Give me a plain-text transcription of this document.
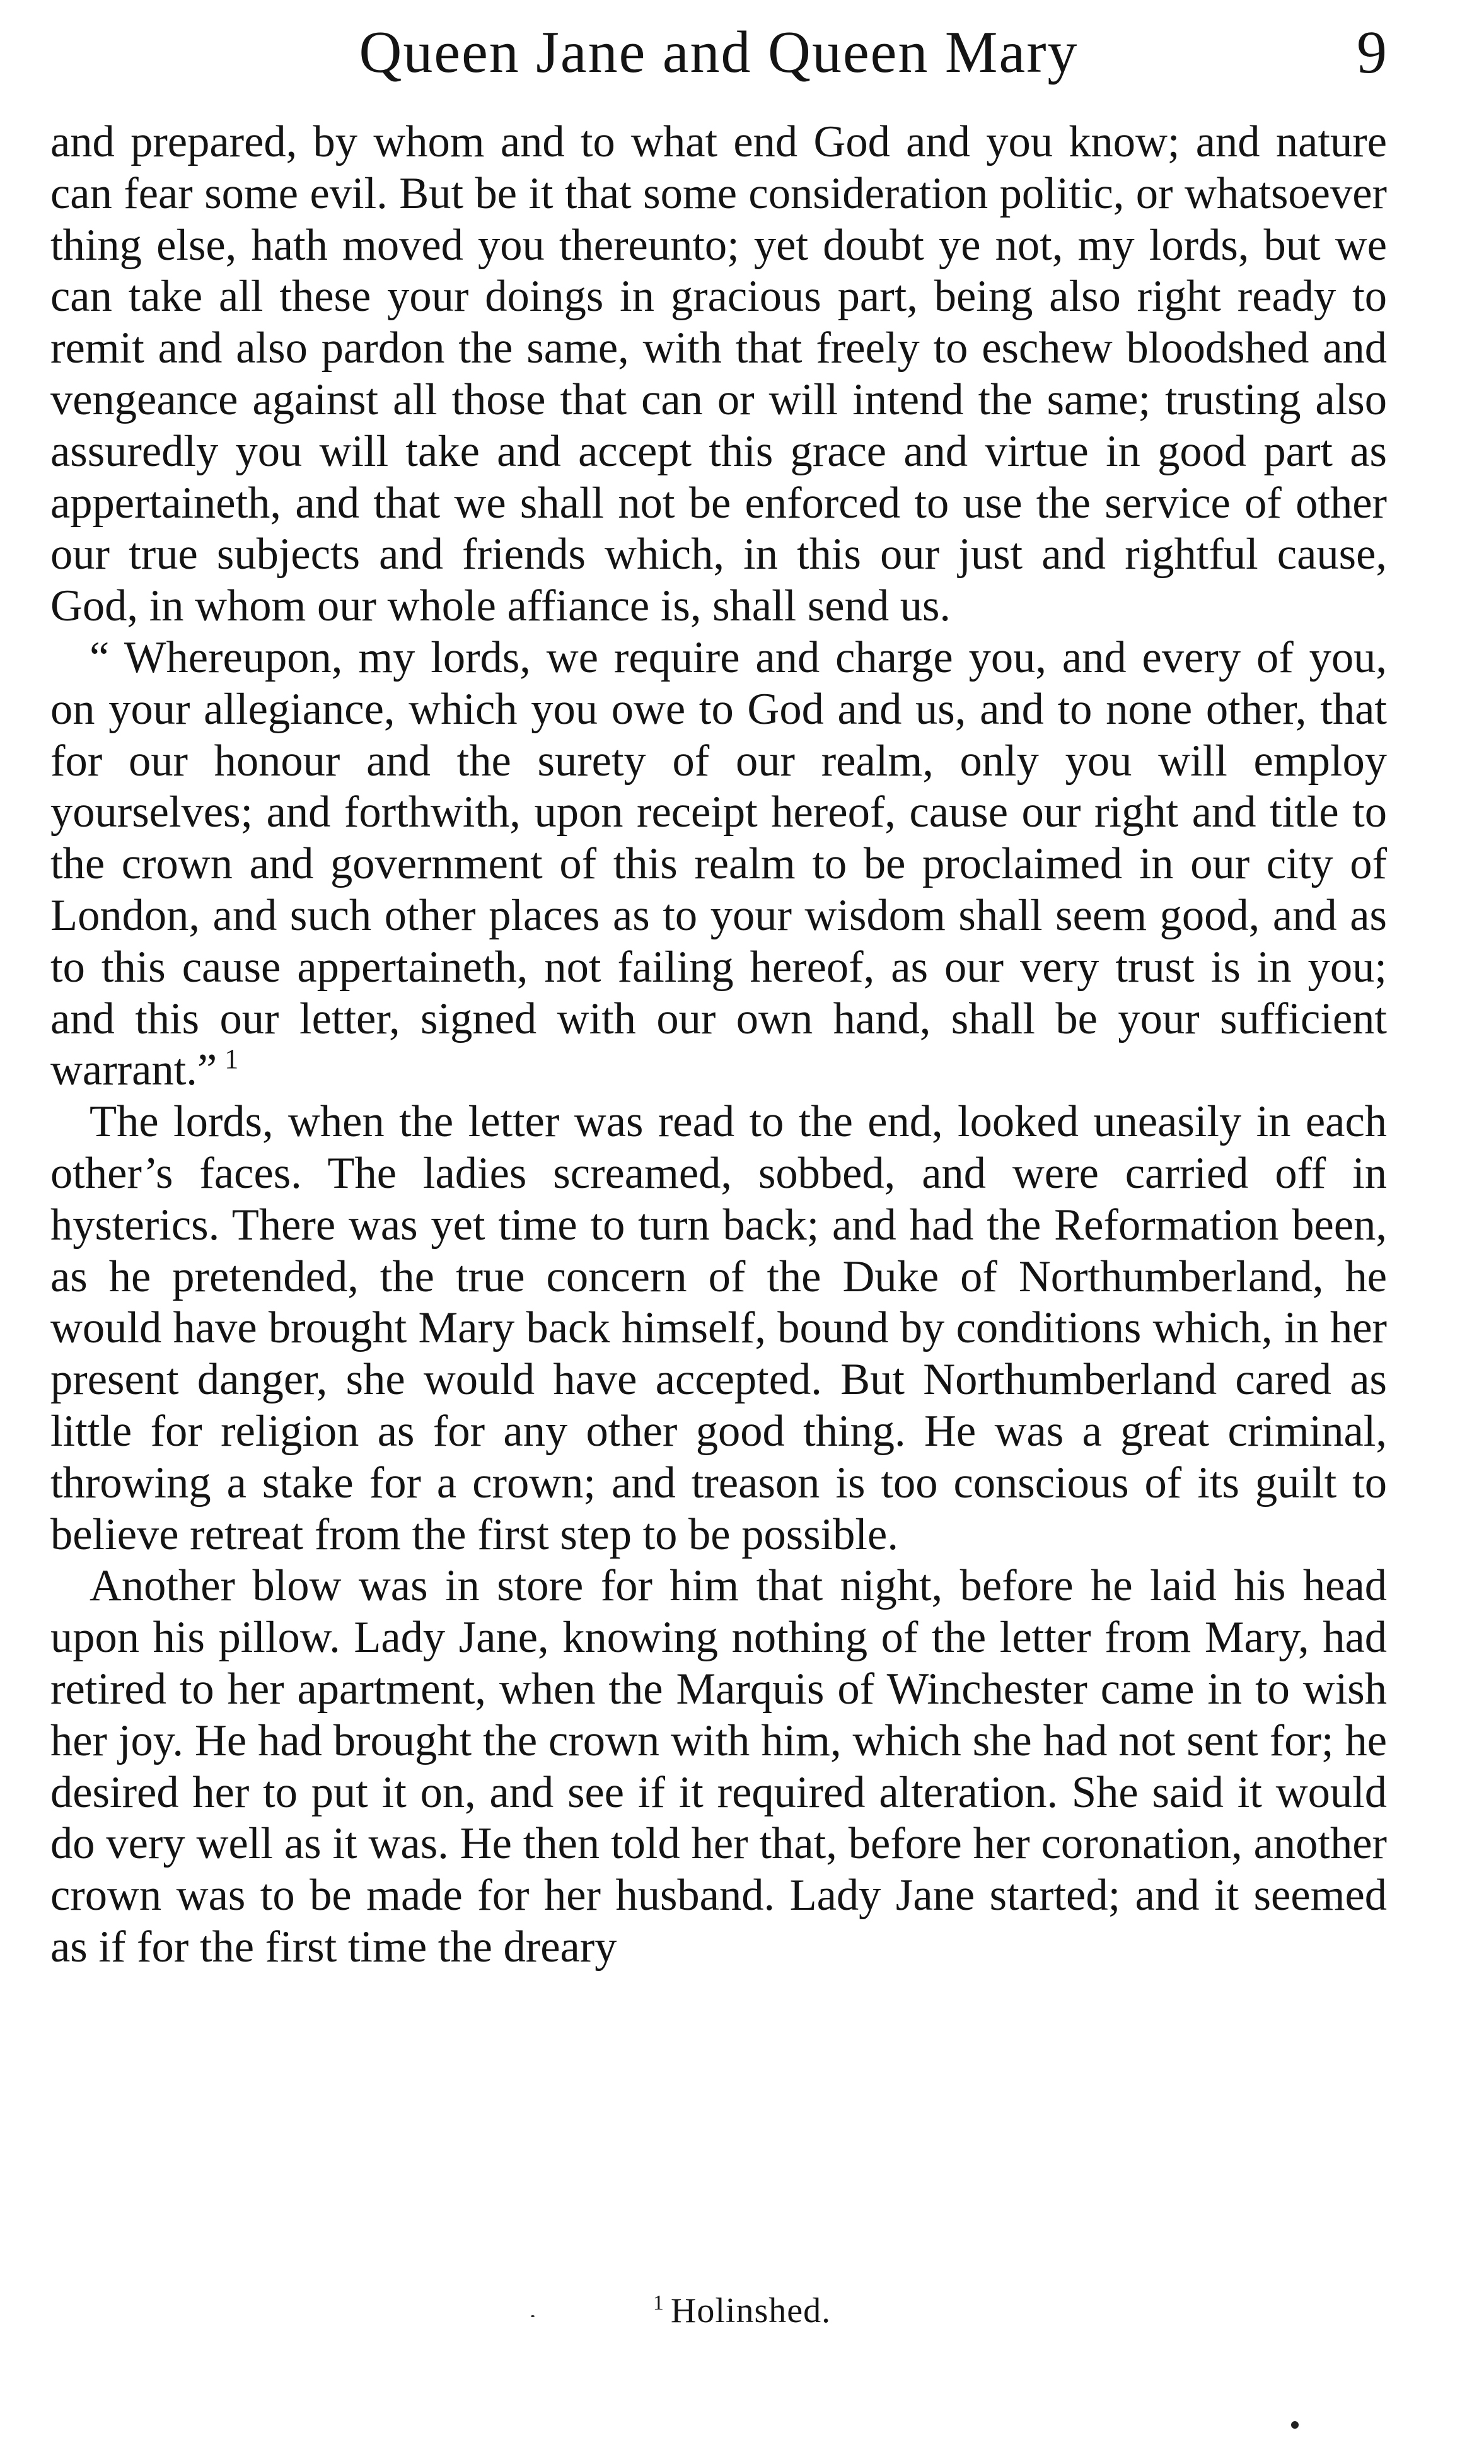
Queen Jane and Queen Mary	9

and prepared, by whom and to what end God and you know; and nature can fear some evil. But be it that some consideration politic, or whatsoever thing else, hath moved you thereunto; yet doubt ye not, my lords, but we can take all these your doings in gracious part, being also right ready to remit and also pardon the same, with that freely to eschew bloodshed and vengeance against all those that can or will intend the same; trusting also assuredly you will take and accept this grace and virtue in good part as appertaineth, and that we shall not be enforced to use the service of other our true subjects and friends which, in this our just and rightful cause, God, in whom our whole affiance is, shall send us.

“ Whereupon, my lords, we require and charge you, and every of you, on your allegiance, which you owe to God and us, and to none other, that for our honour and the surety of our realm, only you will employ yourselves; and forthwith, upon receipt hereof, cause our right and title to the crown and government of this realm to be proclaimed in our city of London, and such other places as to your wisdom shall seem good, and as to this cause appertaineth, not failing hereof, as our very trust is in you; and this our letter, signed with our own hand, shall be your sufficient warrant.” $^1$

The lords, when the letter was read to the end, looked uneasily in each other’s faces. The ladies screamed, sobbed, and were carried off in hysterics. There was yet time to turn back; and had the Reformation been, as he pretended, the true concern of the Duke of Northumberland, he would have brought Mary back himself, bound by conditions which, in her present danger, she would have accepted. But Northumberland cared as little for religion as for any other good thing. He was a great criminal, throwing a stake for a crown; and treason is too conscious of its guilt to believe retreat from the first step to be possible.

Another blow was in store for him that night, before he laid his head upon his pillow. Lady Jane, knowing nothing of the letter from Mary, had retired to her apartment, when the Marquis of Winchester came in to wish her joy. He had brought the crown with him, which she had not sent for; he desired her to put it on, and see if it required alteration. She said it would do very well as it was. He then told her that, before her coronation, another crown was to be made for her husband. Lady Jane started; and it seemed as if for the first time the dreary

$^1$ Holinshed.
